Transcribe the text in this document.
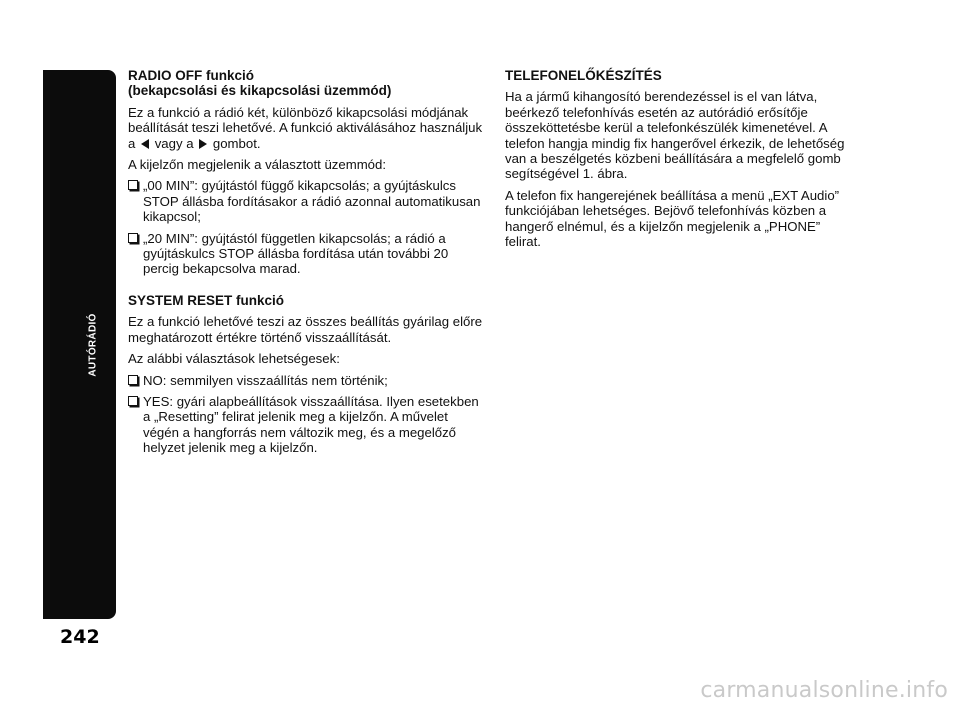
AUTÓRÁDIÓ
242
RADIO OFF funkció
(bekapcsolási és kikapcsolási üzemmód)

Ez a funkció a rádió két, különböző kikapcsolási módjának beállítását teszi lehetővé. A funkció aktiválásához használjuk a vagy a gombot.

A kijelzőn megjelenik a választott üzemmód:

„00 MIN”: gyújtástól függő kikapcsolás; a gyújtáskulcs STOP állásba fordításakor a rádió azonnal automatikusan kikapcsol;
„20 MIN”: gyújtástól független kikapcsolás; a rádió a gyújtáskulcs STOP állásba fordítása után további 20 percig bekapcsolva marad.
SYSTEM RESET funkció

Ez a funkció lehetővé teszi az összes beállítás gyárilag előre meghatározott értékre történő visszaállítását.

Az alábbi választások lehetségesek:

NO: semmilyen visszaállítás nem történik;
YES: gyári alapbeállítások visszaállítása. Ilyen esetekben a „Resetting” felirat jelenik meg a kijelzőn. A művelet végén a hangforrás nem változik meg, és a megelőző helyzet jelenik meg a kijelzőn.
TELEFONELŐKÉSZÍTÉS

Ha a jármű kihangosító berendezéssel is el van látva, beérkező telefonhívás esetén az autórádió erősítője összeköttetésbe kerül a telefonkészülék kimenetével. A telefon hangja mindig fix hangerővel érkezik, de lehetőség van a beszélgetés közbeni beállítására a megfelelő gomb segítségével 1. ábra.

A telefon fix hangerejének beállítása a menü „EXT Audio” funkciójában lehetséges. Bejövő telefonhívás közben a hangerő elnémul, és a kijelzőn megjelenik a „PHONE” felirat.

carmanualsonline.info
